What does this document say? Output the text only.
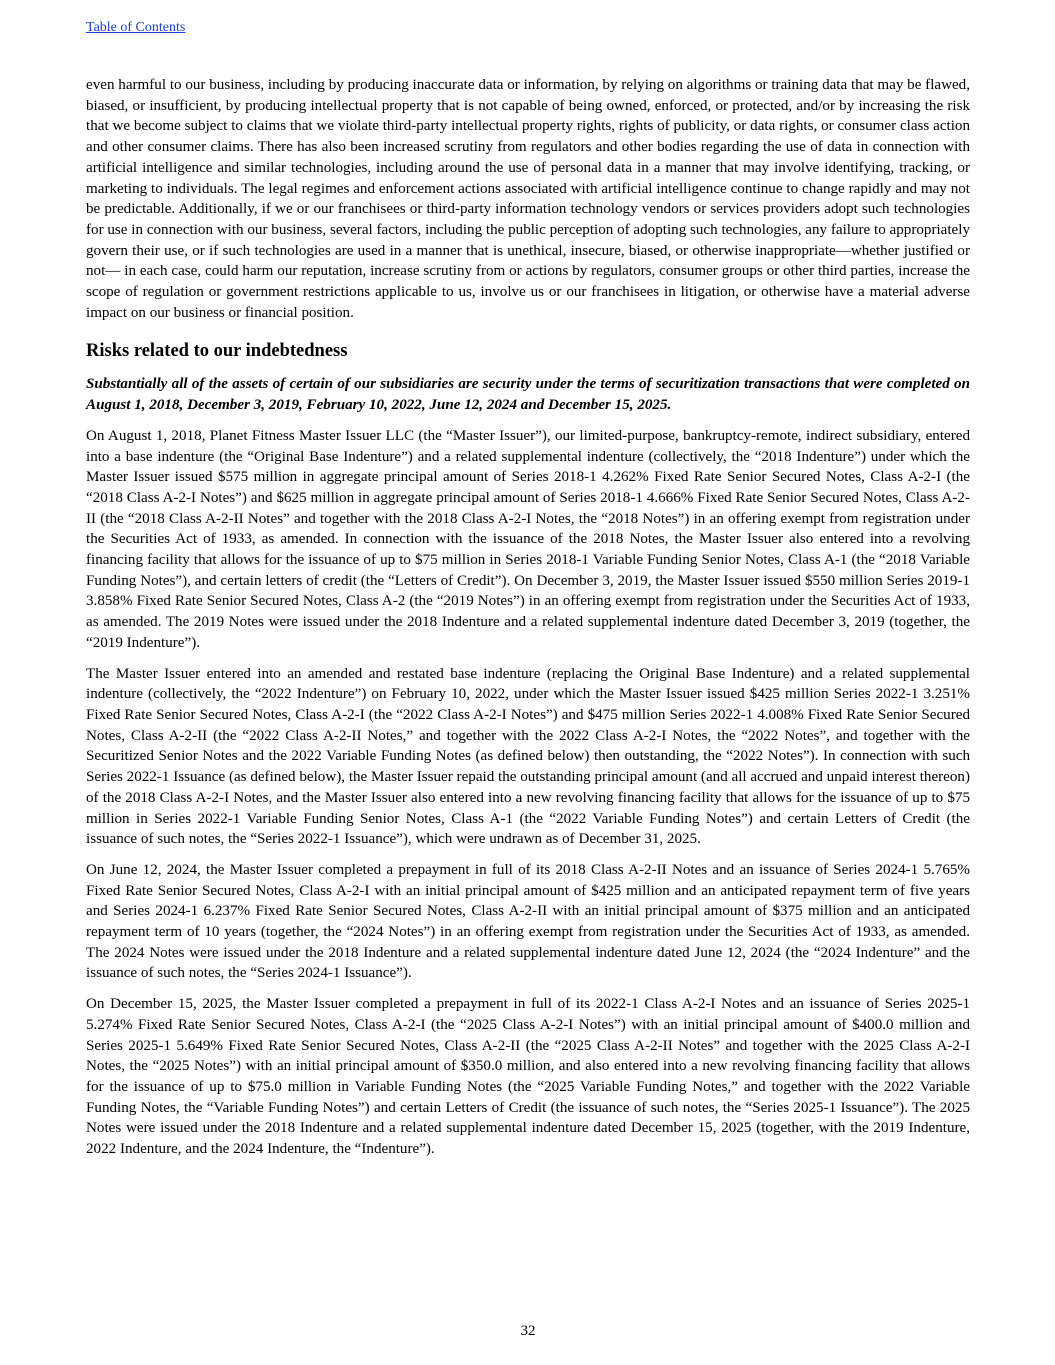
Table of Contents

even harmful to our business, including by producing inaccurate data or information, by relying on algorithms or training data that may be flawed, biased, or insufficient, by producing intellectual property that is not capable of being owned, enforced, or protected, and/or by increasing the risk that we become subject to claims that we violate third-party intellectual property rights, rights of publicity, or data rights, or consumer class action and other consumer claims. There has also been increased scrutiny from regulators and other bodies regarding the use of data in connection with artificial intelligence and similar technologies, including around the use of personal data in a manner that may involve identifying, tracking, or marketing to individuals. The legal regimes and enforcement actions associated with artificial intelligence continue to change rapidly and may not be predictable. Additionally, if we or our franchisees or third-party information technology vendors or services providers adopt such technologies for use in connection with our business, several factors, including the public perception of adopting such technologies, any failure to appropriately govern their use, or if such technologies are used in a manner that is unethical, insecure, biased, or otherwise inappropriate—whether justified or not— in each case, could harm our reputation, increase scrutiny from or actions by regulators, consumer groups or other third parties, increase the scope of regulation or government restrictions applicable to us, involve us or our franchisees in litigation, or otherwise have a material adverse impact on our business or financial position.

Risks related to our indebtedness

Substantially all of the assets of certain of our subsidiaries are security under the terms of securitization transactions that were completed on August 1, 2018, December 3, 2019, February 10, 2022, June 12, 2024 and December 15, 2025.

On August 1, 2018, Planet Fitness Master Issuer LLC (the “Master Issuer”), our limited-purpose, bankruptcy-remote, indirect subsidiary, entered into a base indenture (the “Original Base Indenture”) and a related supplemental indenture (collectively, the “2018 Indenture”) under which the Master Issuer issued $575 million in aggregate principal amount of Series 2018-1 4.262% Fixed Rate Senior Secured Notes, Class A-2-I (the “2018 Class A-2-I Notes”) and $625 million in aggregate principal amount of Series 2018-1 4.666% Fixed Rate Senior Secured Notes, Class A-2-II (the “2018 Class A-2-II Notes” and together with the 2018 Class A-2-I Notes, the “2018 Notes”) in an offering exempt from registration under the Securities Act of 1933, as amended. In connection with the issuance of the 2018 Notes, the Master Issuer also entered into a revolving financing facility that allows for the issuance of up to $75 million in Series 2018-1 Variable Funding Senior Notes, Class A-1 (the “2018 Variable Funding Notes”), and certain letters of credit (the “Letters of Credit”). On December 3, 2019, the Master Issuer issued $550 million Series 2019-1 3.858% Fixed Rate Senior Secured Notes, Class A-2 (the “2019 Notes”) in an offering exempt from registration under the Securities Act of 1933, as amended. The 2019 Notes were issued under the 2018 Indenture and a related supplemental indenture dated December 3, 2019 (together, the “2019 Indenture”).

The Master Issuer entered into an amended and restated base indenture (replacing the Original Base Indenture) and a related supplemental indenture (collectively, the “2022 Indenture”) on February 10, 2022, under which the Master Issuer issued $425 million Series 2022-1 3.251% Fixed Rate Senior Secured Notes, Class A-2-I (the “2022 Class A-2-I Notes”) and $475 million Series 2022-1 4.008% Fixed Rate Senior Secured Notes, Class A-2-II (the “2022 Class A-2-II Notes,” and together with the 2022 Class A-2-I Notes, the “2022 Notes”, and together with the Securitized Senior Notes and the 2022 Variable Funding Notes (as defined below) then outstanding, the “2022 Notes”). In connection with such Series 2022-1 Issuance (as defined below), the Master Issuer repaid the outstanding principal amount (and all accrued and unpaid interest thereon) of the 2018 Class A-2-I Notes, and the Master Issuer also entered into a new revolving financing facility that allows for the issuance of up to $75 million in Series 2022-1 Variable Funding Senior Notes, Class A-1 (the “2022 Variable Funding Notes”) and certain Letters of Credit (the issuance of such notes, the “Series 2022-1 Issuance”), which were undrawn as of December 31, 2025.

On June 12, 2024, the Master Issuer completed a prepayment in full of its 2018 Class A-2-II Notes and an issuance of Series 2024-1 5.765% Fixed Rate Senior Secured Notes, Class A-2-I with an initial principal amount of $425 million and an anticipated repayment term of five years and Series 2024-1 6.237% Fixed Rate Senior Secured Notes, Class A-2-II with an initial principal amount of $375 million and an anticipated repayment term of 10 years (together, the “2024 Notes”) in an offering exempt from registration under the Securities Act of 1933, as amended. The 2024 Notes were issued under the 2018 Indenture and a related supplemental indenture dated June 12, 2024 (the “2024 Indenture” and the issuance of such notes, the “Series 2024-1 Issuance”).

On December 15, 2025, the Master Issuer completed a prepayment in full of its 2022-1 Class A-2-I Notes and an issuance of Series 2025-1 5.274% Fixed Rate Senior Secured Notes, Class A-2-I (the “2025 Class A-2-I Notes”) with an initial principal amount of $400.0 million and Series 2025-1 5.649% Fixed Rate Senior Secured Notes, Class A-2-II (the “2025 Class A-2-II Notes” and together with the 2025 Class A-2-I Notes, the “2025 Notes”) with an initial principal amount of $350.0 million, and also entered into a new revolving financing facility that allows for the issuance of up to $75.0 million in Variable Funding Notes (the “2025 Variable Funding Notes,” and together with the 2022 Variable Funding Notes, the “Variable Funding Notes”) and certain Letters of Credit (the issuance of such notes, the “Series 2025-1 Issuance”). The 2025 Notes were issued under the 2018 Indenture and a related supplemental indenture dated December 15, 2025 (together, with the 2019 Indenture, 2022 Indenture, and the 2024 Indenture, the “Indenture”).

32
